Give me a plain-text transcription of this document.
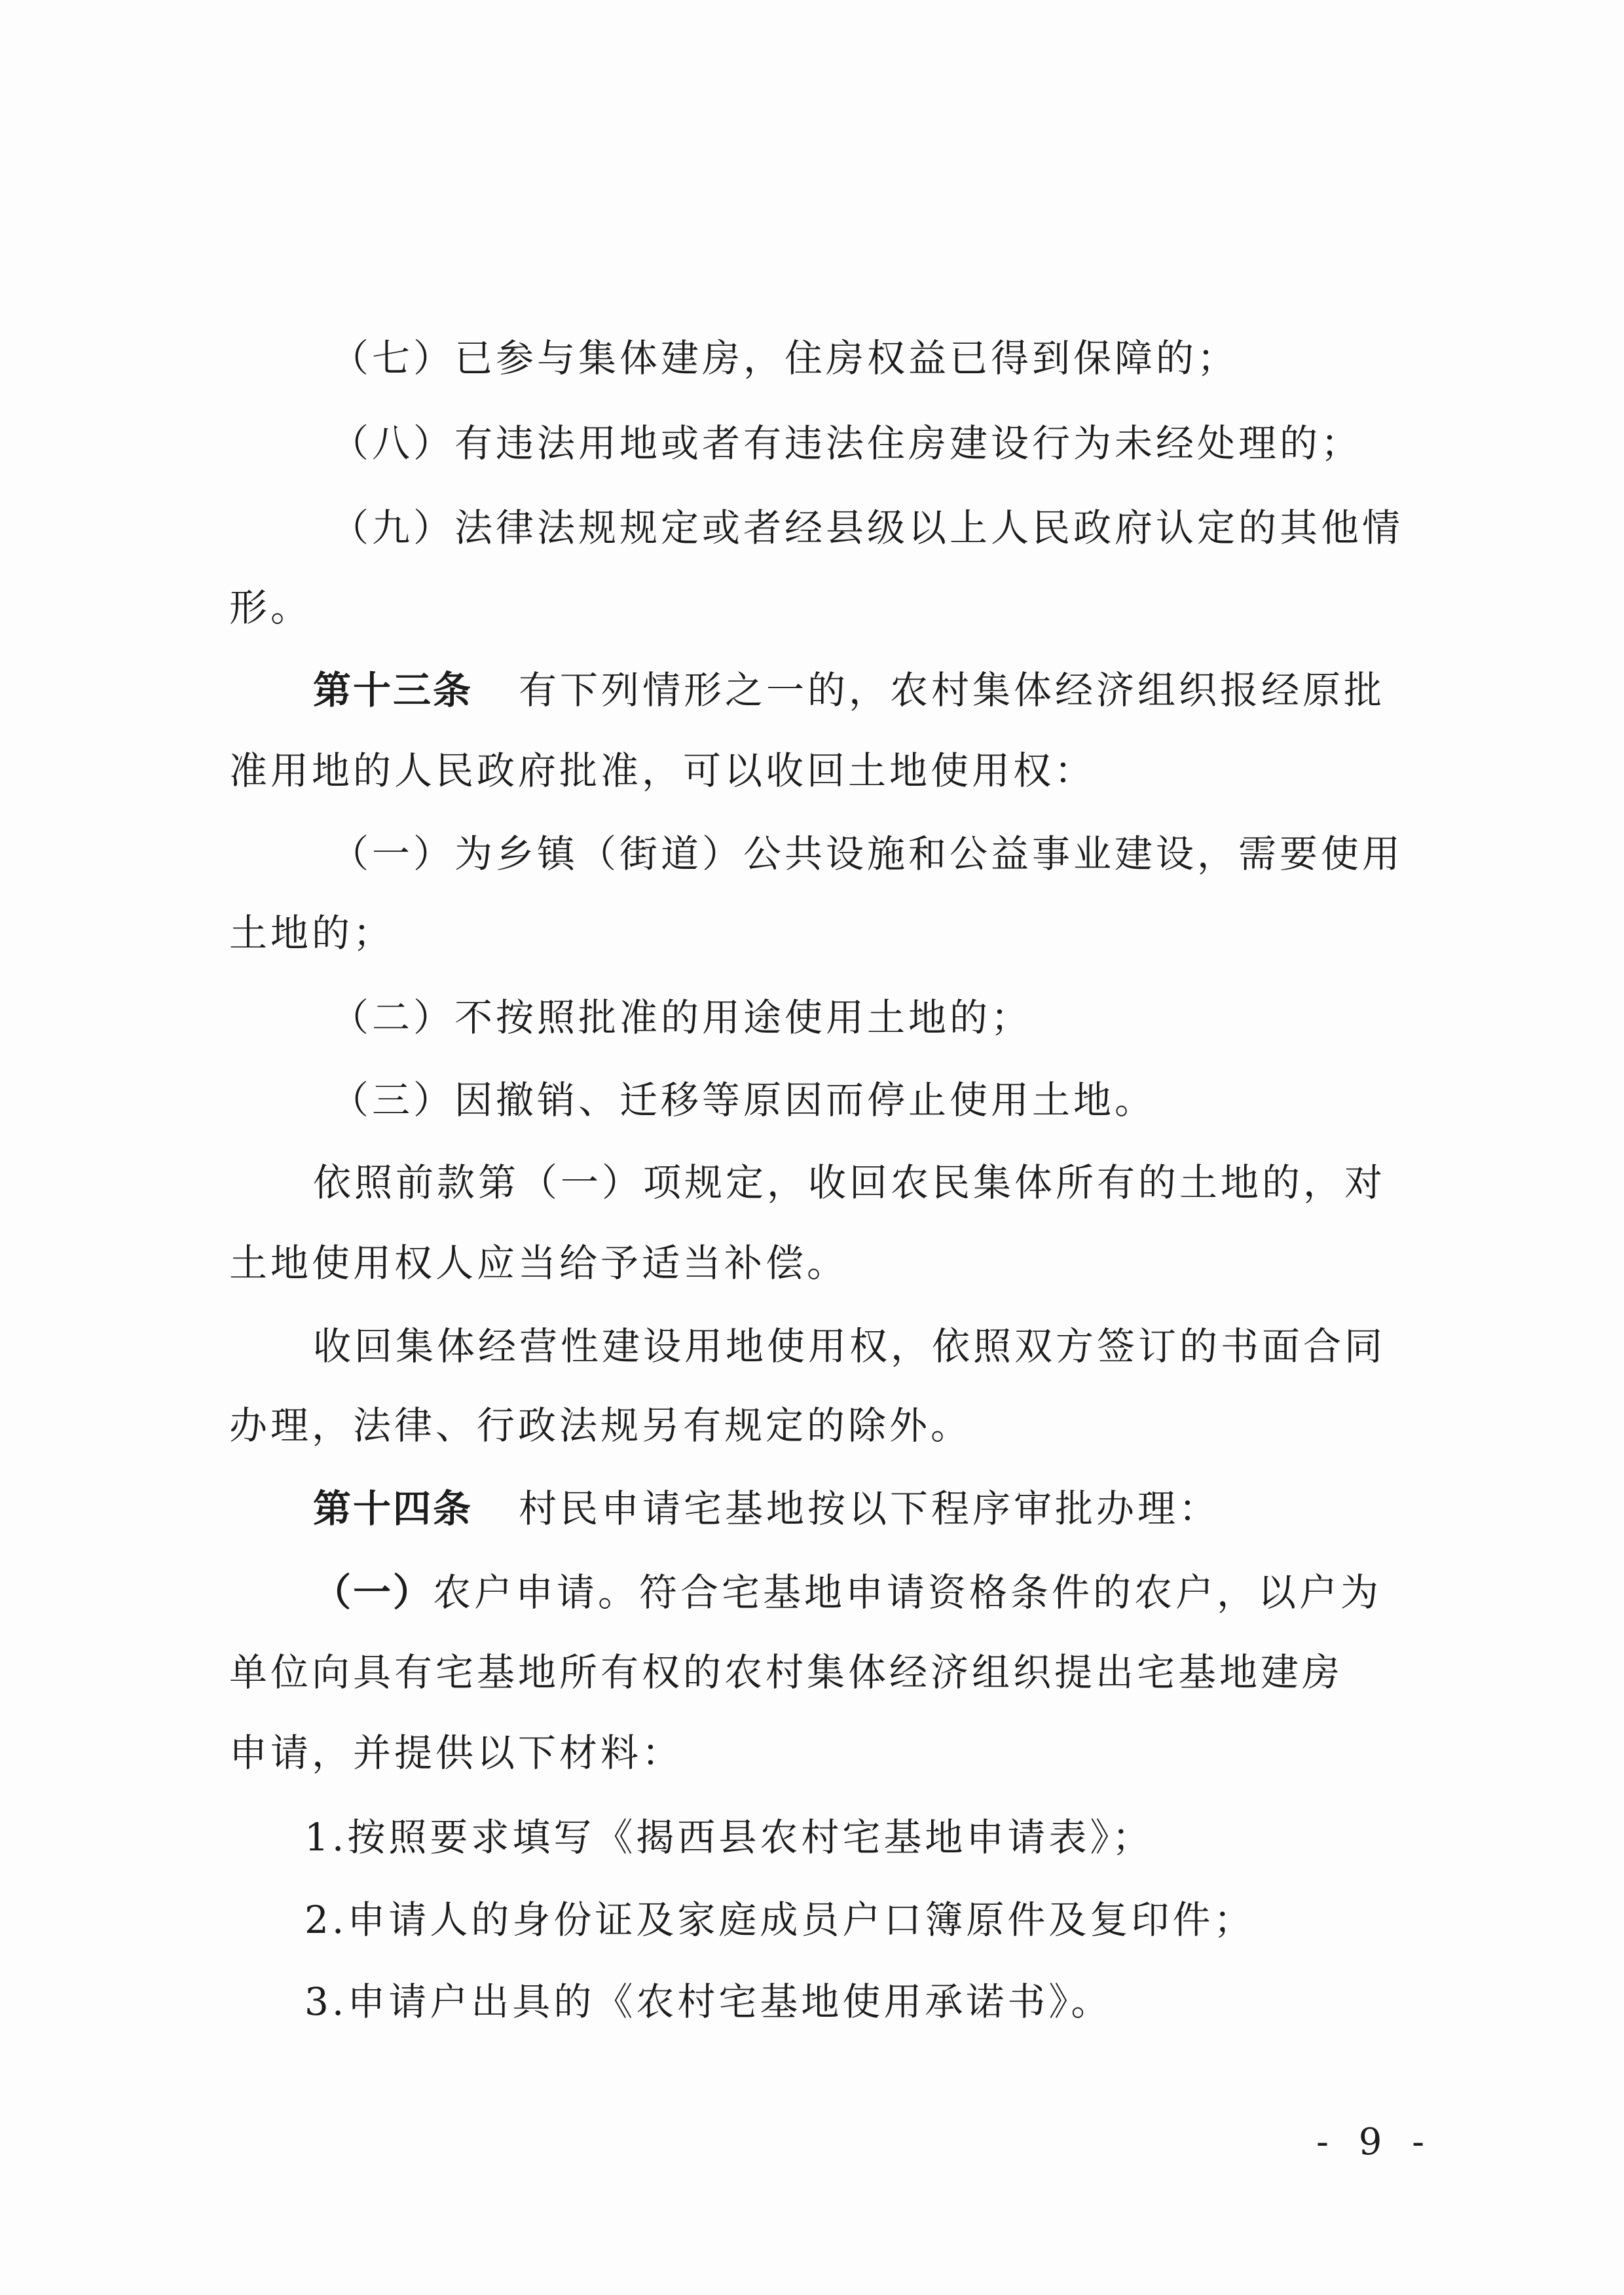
（七）已参与集体建房，住房权益已得到保障的；
（八）有违法用地或者有违法住房建设行为未经处理的；
（九）法律法规规定或者经县级以上人民政府认定的其他情
形。
第十三条 有下列情形之一的，农村集体经济组织报经原批
准用地的人民政府批准，可以收回土地使用权：
（一）为乡镇（街道）公共设施和公益事业建设，需要使用
土地的；
（二）不按照批准的用途使用土地的；
（三）因撤销、迁移等原因而停止使用土地。
依照前款第（一）项规定，收回农民集体所有的土地的，对
土地使用权人应当给予适当补偿。
收回集体经营性建设用地使用权，依照双方签订的书面合同
办理，法律、行政法规另有规定的除外。
第十四条 村民申请宅基地按以下程序审批办理：
（一）农户申请。符合宅基地申请资格条件的农户，以户为
单位向具有宅基地所有权的农村集体经济组织提出宅基地建房
申请，并提供以下材料：
1.按照要求填写《揭西县农村宅基地申请表》；
2.申请人的身份证及家庭成员户口簿原件及复印件；
3.申请户出具的《农村宅基地使用承诺书》。
- 9 -
